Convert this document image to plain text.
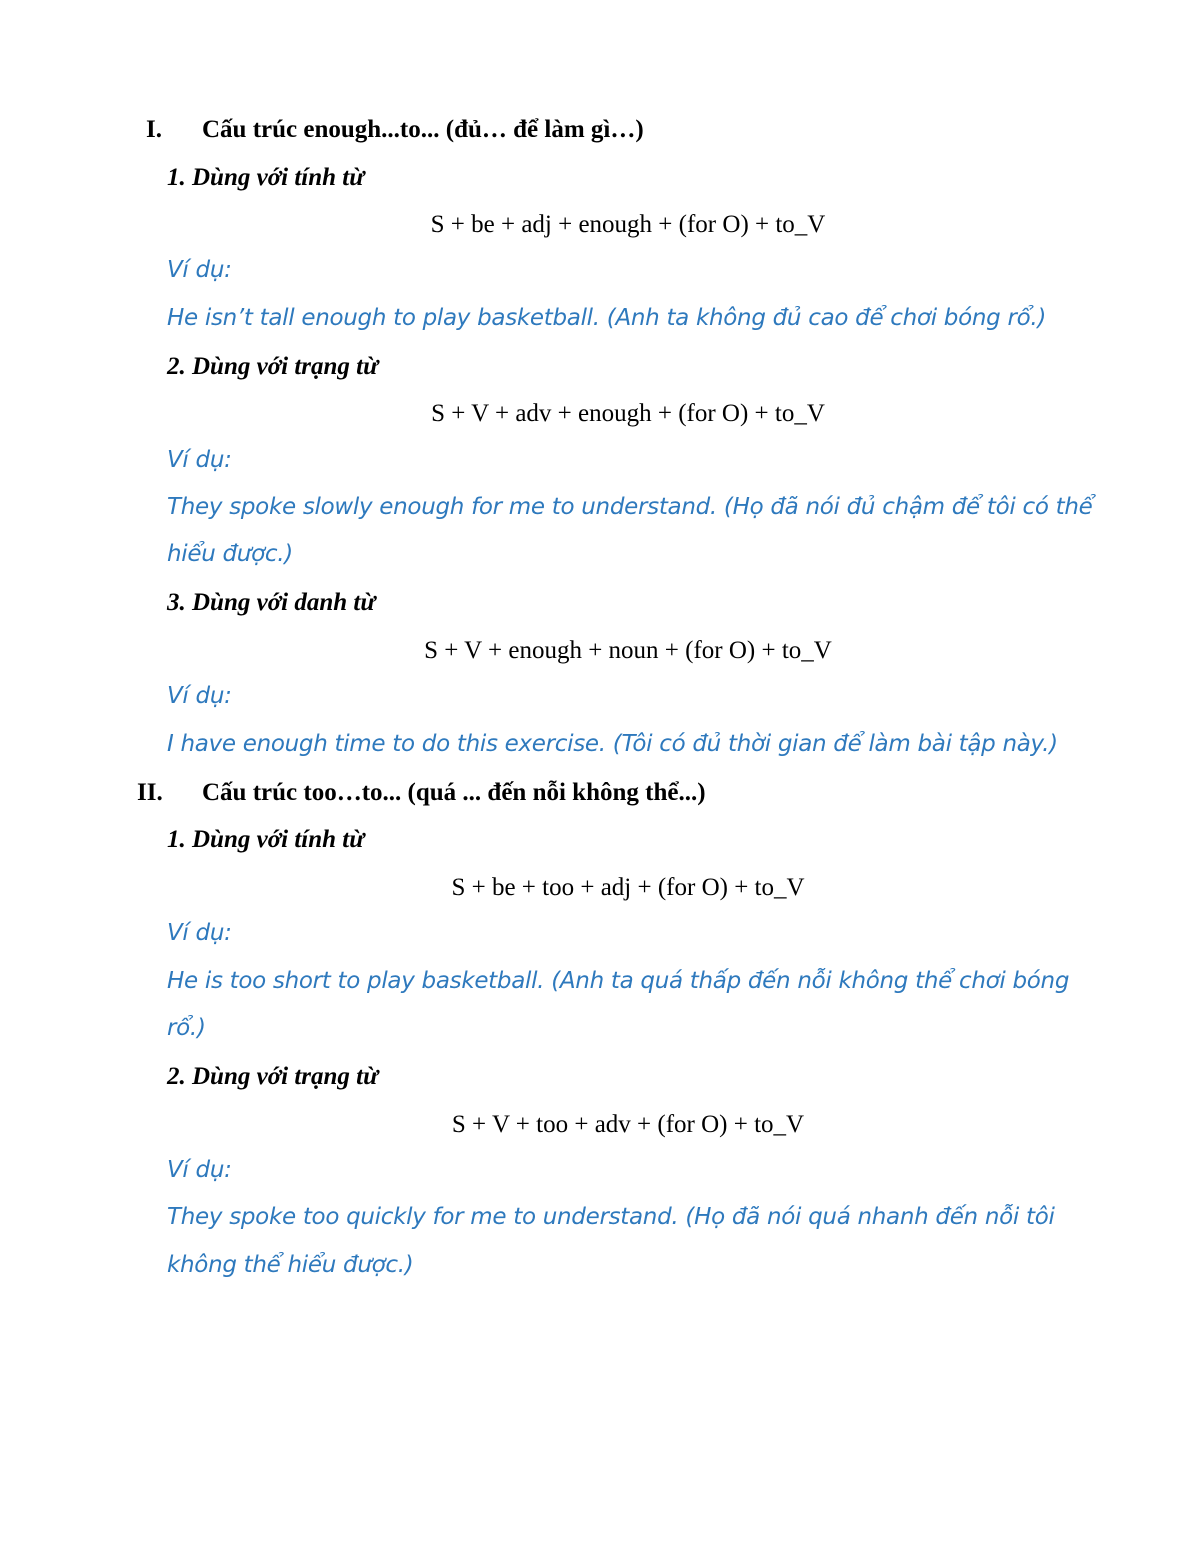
I. Cấu trúc enough...to... (đủ… để làm gì…)
1. Dùng với tính từ
S + be + adj + enough + (for O) + to_V
Ví dụ:
He isn’t tall enough to play basketball. (Anh ta không đủ cao để chơi bóng rổ.)
2. Dùng với trạng từ
S + V + adv + enough + (for O) + to_V
Ví dụ:
They spoke slowly enough for me to understand. (Họ đã nói đủ chậm để tôi có thể
hiểu được.)
3. Dùng với danh từ
S + V + enough + noun + (for O) + to_V
Ví dụ:
I have enough time to do this exercise. (Tôi có đủ thời gian để làm bài tập này.)
II. Cấu trúc too…to... (quá ... đến nỗi không thể...)
1. Dùng với tính từ
S + be + too + adj + (for O) + to_V
Ví dụ:
He is too short to play basketball. (Anh ta quá thấp đến nỗi không thể chơi bóng
rổ.)
2. Dùng với trạng từ
S + V + too + adv + (for O) + to_V
Ví dụ:
They spoke too quickly for me to understand. (Họ đã nói quá nhanh đến nỗi tôi
không thể hiểu được.)
